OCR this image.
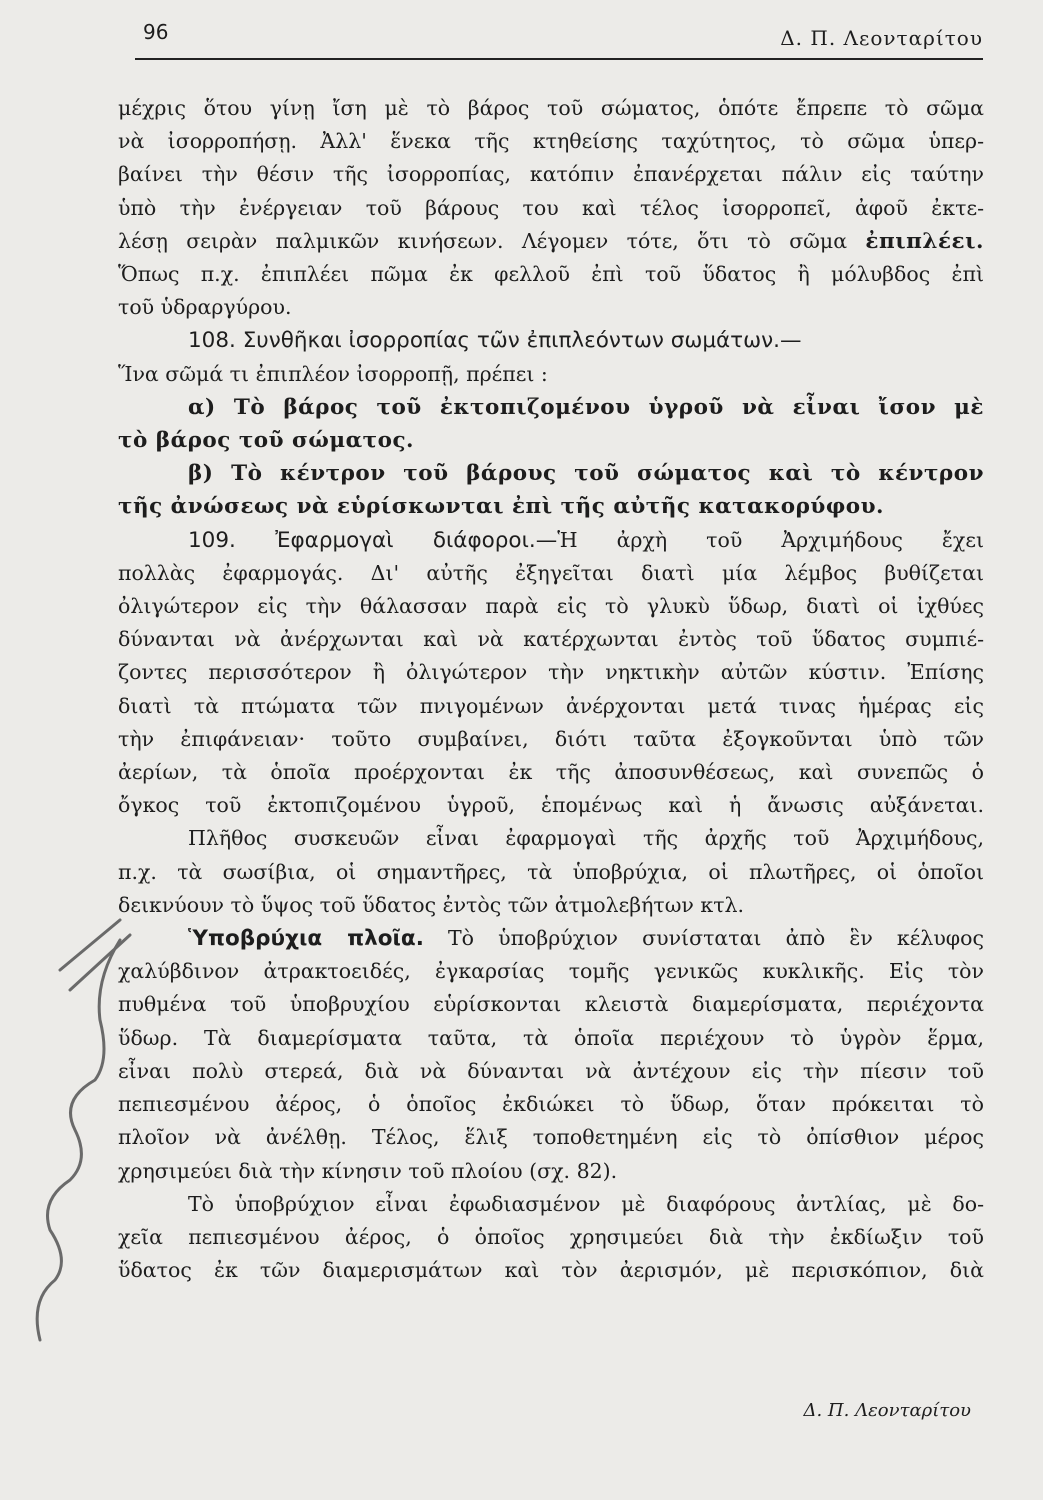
96	Δ. Π. Λεονταρίτου
μέχρις ὅτου γίνῃ ἴση μὲ τὸ βάρος τοῦ σώματος, ὁπότε ἔπρεπε τὸ σῶμα
νὰ ἰσορροπήσῃ. Ἀλλ' ἕνεκα τῆς κτηθείσης ταχύτητος, τὸ σῶμα ὑπερ-
βαίνει τὴν θέσιν τῆς ἰσορροπίας, κατόπιν ἐπανέρχεται πάλιν εἰς ταύτην
ὑπὸ τὴν ἐνέργειαν τοῦ βάρους του καὶ τέλος ἰσορροπεῖ, ἀφοῦ ἐκτε-
λέσῃ σειρὰν παλμικῶν κινήσεων. Λέγομεν τότε, ὅτι τὸ σῶμα ἐπιπλέει.
Ὅπως π.χ. ἐπιπλέει πῶμα ἐκ φελλοῦ ἐπὶ τοῦ ὕδατος ἢ μόλυβδος ἐπὶ
τοῦ ὑδραργύρου.
108. Συνθῆκαι ἰσορροπίας τῶν ἐπιπλεόντων σωμάτων.—
Ἵνα σῶμά τι ἐπιπλέον ἰσορροπῇ, πρέπει :
α) Τὸ βάρος τοῦ ἐκτοπιζομένου ὑγροῦ νὰ εἶναι ἴσον μὲ
τὸ βάρος τοῦ σώματος.
β) Τὸ κέντρον τοῦ βάρους τοῦ σώματος καὶ τὸ κέντρον
τῆς ἀνώσεως νὰ εὑρίσκωνται ἐπὶ τῆς αὐτῆς κατακορύφου.
109. Ἐφαρμογαὶ διάφοροι.—Ἡ ἀρχὴ τοῦ Ἀρχιμήδους ἔχει
πολλὰς ἐφαρμογάς. Δι' αὐτῆς ἐξηγεῖται διατὶ μία λέμβος βυθίζεται
ὀλιγώτερον εἰς τὴν θάλασσαν παρὰ εἰς τὸ γλυκὺ ὕδωρ, διατὶ οἱ ἰχθύες
δύνανται νὰ ἀνέρχωνται καὶ νὰ κατέρχωνται ἐντὸς τοῦ ὕδατος συμπιέ-
ζοντες περισσότερον ἢ ὀλιγώτερον τὴν νηκτικὴν αὐτῶν κύστιν. Ἐπίσης
διατὶ τὰ πτώματα τῶν πνιγομένων ἀνέρχονται μετά τινας ἡμέρας εἰς
τὴν ἐπιφάνειαν· τοῦτο συμβαίνει, διότι ταῦτα ἐξογκοῦνται ὑπὸ τῶν
ἀερίων, τὰ ὁποῖα προέρχονται ἐκ τῆς ἀποσυνθέσεως, καὶ συνεπῶς ὁ
ὄγκος τοῦ ἐκτοπιζομένου ὑγροῦ, ἑπομένως καὶ ἡ ἄνωσις αὐξάνεται.
Πλῆθος συσκευῶν εἶναι ἐφαρμογαὶ τῆς ἀρχῆς τοῦ Ἀρχιμήδους,
π.χ. τὰ σωσίβια, οἱ σημαντῆρες, τὰ ὑποβρύχια, οἱ πλωτῆρες, οἱ ὁποῖοι
δεικνύουν τὸ ὕψος τοῦ ὕδατος ἐντὸς τῶν ἀτμολεβήτων κτλ.
Ὑποβρύχια πλοῖα. Τὸ ὑποβρύχιον συνίσταται ἀπὸ ἓν κέλυφος
χαλύβδινον ἀτρακτοειδές, ἐγκαρσίας τομῆς γενικῶς κυκλικῆς. Εἰς τὸν
πυθμένα τοῦ ὑποβρυχίου εὑρίσκονται κλειστὰ διαμερίσματα, περιέχοντα
ὕδωρ. Τὰ διαμερίσματα ταῦτα, τὰ ὁποῖα περιέχουν τὸ ὑγρὸν ἕρμα,
εἶναι πολὺ στερεά, διὰ νὰ δύνανται νὰ ἀντέχουν εἰς τὴν πίεσιν τοῦ
πεπιεσμένου ἀέρος, ὁ ὁποῖος ἐκδιώκει τὸ ὕδωρ, ὅταν πρόκειται τὸ
πλοῖον νὰ ἀνέλθῃ. Τέλος, ἕλιξ τοποθετημένη εἰς τὸ ὀπίσθιον μέρος
χρησιμεύει διὰ τὴν κίνησιν τοῦ πλοίου (σχ. 82).
Τὸ ὑποβρύχιον εἶναι ἐφωδιασμένον μὲ διαφόρους ἀντλίας, μὲ δο-
χεῖα πεπιεσμένου ἀέρος, ὁ ὁποῖος χρησιμεύει διὰ τὴν ἐκδίωξιν τοῦ
ὕδατος ἐκ τῶν διαμερισμάτων καὶ τὸν ἀερισμόν, μὲ περισκόπιον, διὰ
Δ. Π. Λεονταρίτου
